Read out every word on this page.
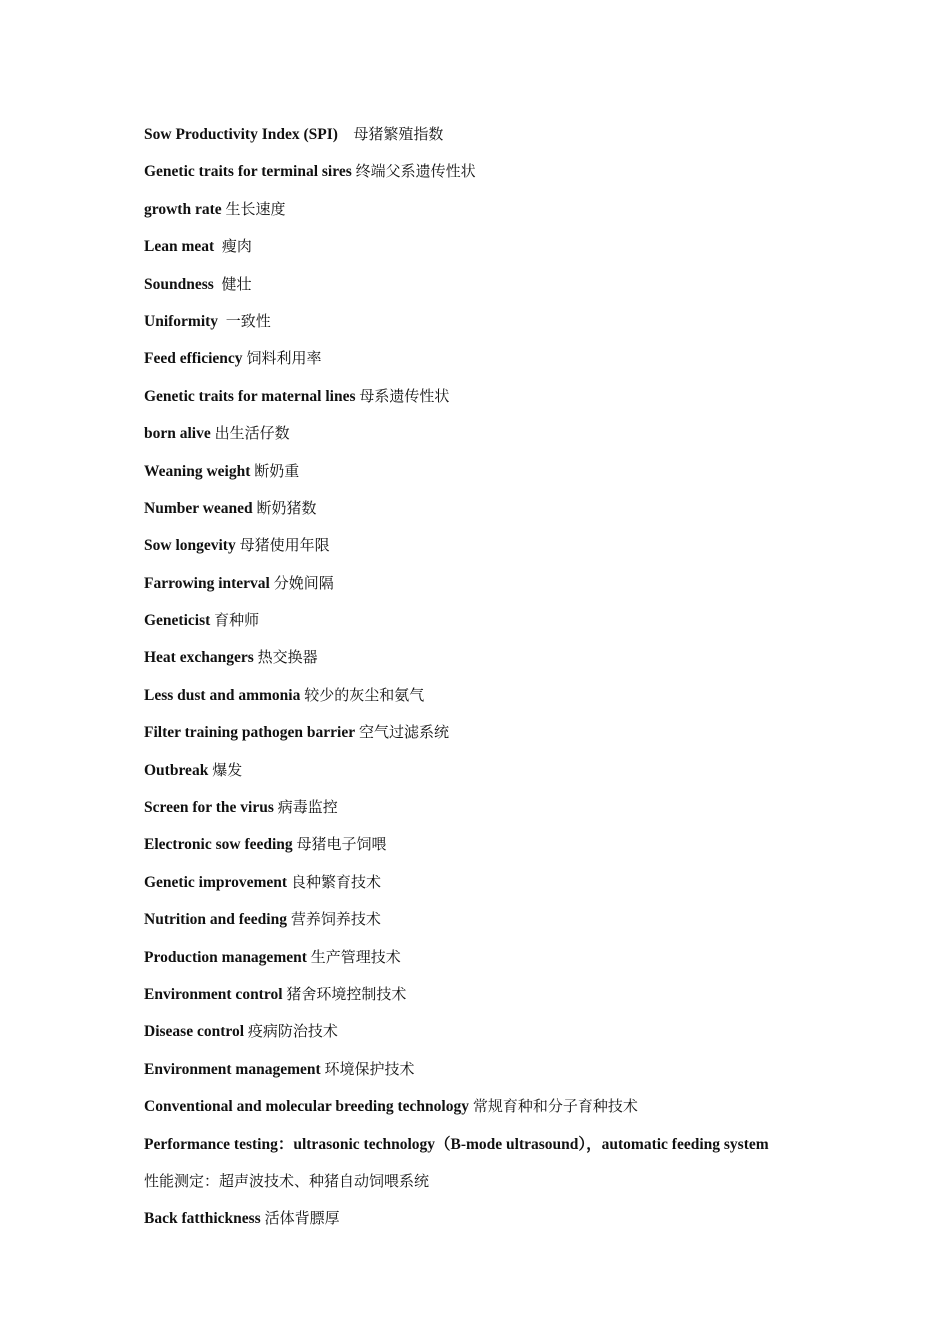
Sow Productivity Index (SPI) 母猪繁殖指数
Genetic traits for terminal sires 终端父系遗传性状
growth rate 生长速度
Lean meat 瘦肉
Soundness 健壮
Uniformity 一致性
Feed efficiency 饲料利用率
Genetic traits for maternal lines 母系遗传性状
born alive 出生活仔数
Weaning weight 断奶重
Number weaned 断奶猪数
Sow longevity 母猪使用年限
Farrowing interval 分娩间隔
Geneticist 育种师
Heat exchangers 热交换器
Less dust and ammonia 较少的灰尘和氨气
Filter training pathogen barrier 空气过滤系统
Outbreak 爆发
Screen for the virus 病毒监控
Electronic sow feeding 母猪电子饲喂
Genetic improvement 良种繁育技术
Nutrition and feeding 营养饲养技术
Production management 生产管理技术
Environment control 猪舍环境控制技术
Disease control 疫病防治技术
Environment management 环境保护技术
Conventional and molecular breeding technology 常规育种和分子育种技术
Performance testing：ultrasonic technology（B-mode ultrasound），automatic feeding system
性能测定：超声波技术、种猪自动饲喂系统
Back fatthickness 活体背膘厚
